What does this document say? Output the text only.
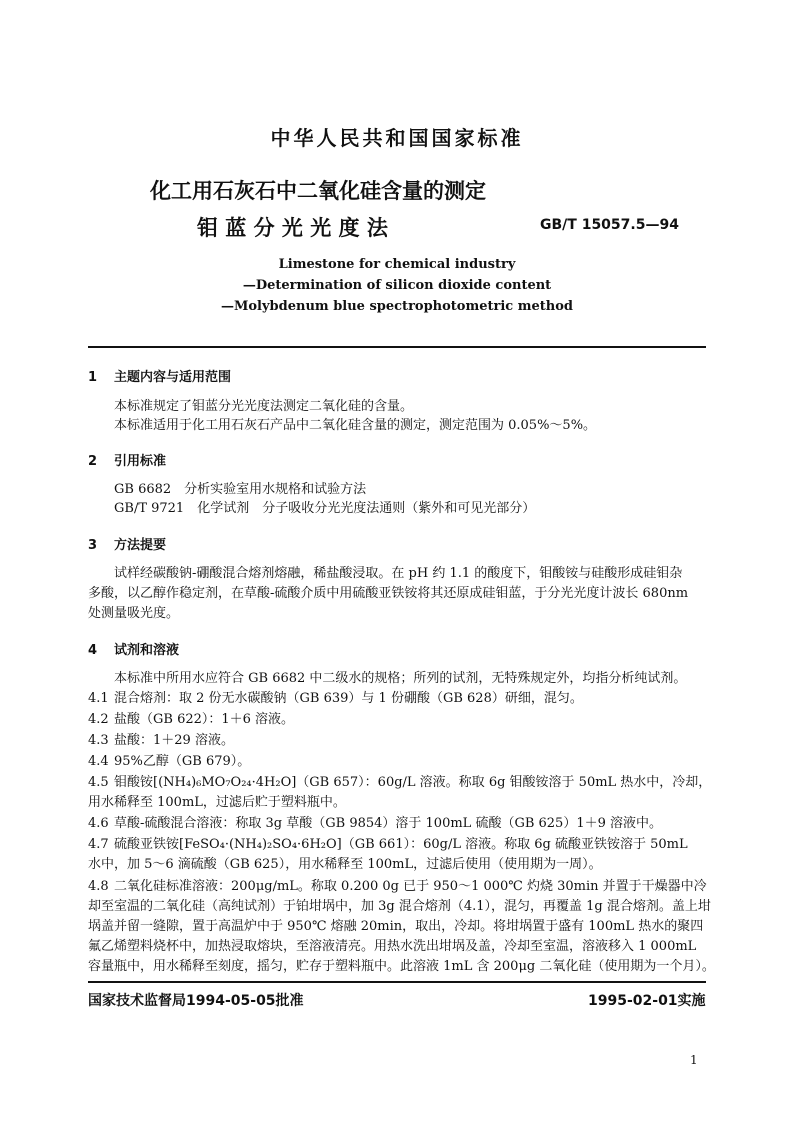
中华人民共和国国家标准
化工用石灰石中二氧化硅含量的测定
钼 蓝 分 光 光 度 法	GB/T 15057.5—94
Limestone for chemical industry
—Determination of silicon dioxide content
—Molybdenum blue spectrophotometric method
1 主题内容与适用范围
本标准规定了钼蓝分光光度法测定二氧化硅的含量。
本标准适用于化工用石灰石产品中二氧化硅含量的测定，测定范围为 0.05%～5%。
2 引用标准
GB 6682　分析实验室用水规格和试验方法
GB/T 9721　化学试剂　分子吸收分光光度法通则（紫外和可见光部分）
3 方法提要
试样经碳酸钠-硼酸混合熔剂熔融，稀盐酸浸取。在 pH 约 1.1 的酸度下，钼酸铵与硅酸形成硅钼杂
多酸，以乙醇作稳定剂，在草酸-硫酸介质中用硫酸亚铁铵将其还原成硅钼蓝，于分光光度计波长 680nm
处测量吸光度。
4 试剂和溶液
本标准中所用水应符合 GB 6682 中二级水的规格；所列的试剂，无特殊规定外，均指分析纯试剂。
4.1 混合熔剂：取 2 份无水碳酸钠（GB 639）与 1 份硼酸（GB 628）研细，混匀。
4.2 盐酸（GB 622）：1＋6 溶液。
4.3 盐酸：1＋29 溶液。
4.4 95%乙醇（GB 679）。
4.5 钼酸铵[(NH₄)₆MO₇O₂₄·4H₂O]（GB 657）：60g/L 溶液。称取 6g 钼酸铵溶于 50mL 热水中，冷却，
用水稀释至 100mL，过滤后贮于塑料瓶中。
4.6 草酸-硫酸混合溶液：称取 3g 草酸（GB 9854）溶于 100mL 硫酸（GB 625）1＋9 溶液中。
4.7 硫酸亚铁铵[FeSO₄·(NH₄)₂SO₄·6H₂O]（GB 661）：60g/L 溶液。称取 6g 硫酸亚铁铵溶于 50mL
水中，加 5～6 滴硫酸（GB 625），用水稀释至 100mL，过滤后使用（使用期为一周）。
4.8 二氧化硅标准溶液：200μg/mL。称取 0.200 0g 已于 950～1 000℃ 灼烧 30min 并置于干燥器中冷
却至室温的二氧化硅（高纯试剂）于铂坩埚中，加 3g 混合熔剂（4.1），混匀，再覆盖 1g 混合熔剂。盖上坩
埚盖并留一缝隙，置于高温炉中于 950℃ 熔融 20min，取出，冷却。将坩埚置于盛有 100mL 热水的聚四
氟乙烯塑料烧杯中，加热浸取熔块，至溶液清亮。用热水洗出坩埚及盖，冷却至室温，溶液移入 1 000mL
容量瓶中，用水稀释至刻度，摇匀，贮存于塑料瓶中。此溶液 1mL 含 200μg 二氧化硅（使用期为一个月）。
国家技术监督局1994-05-05批准	1995-02-01实施
1
